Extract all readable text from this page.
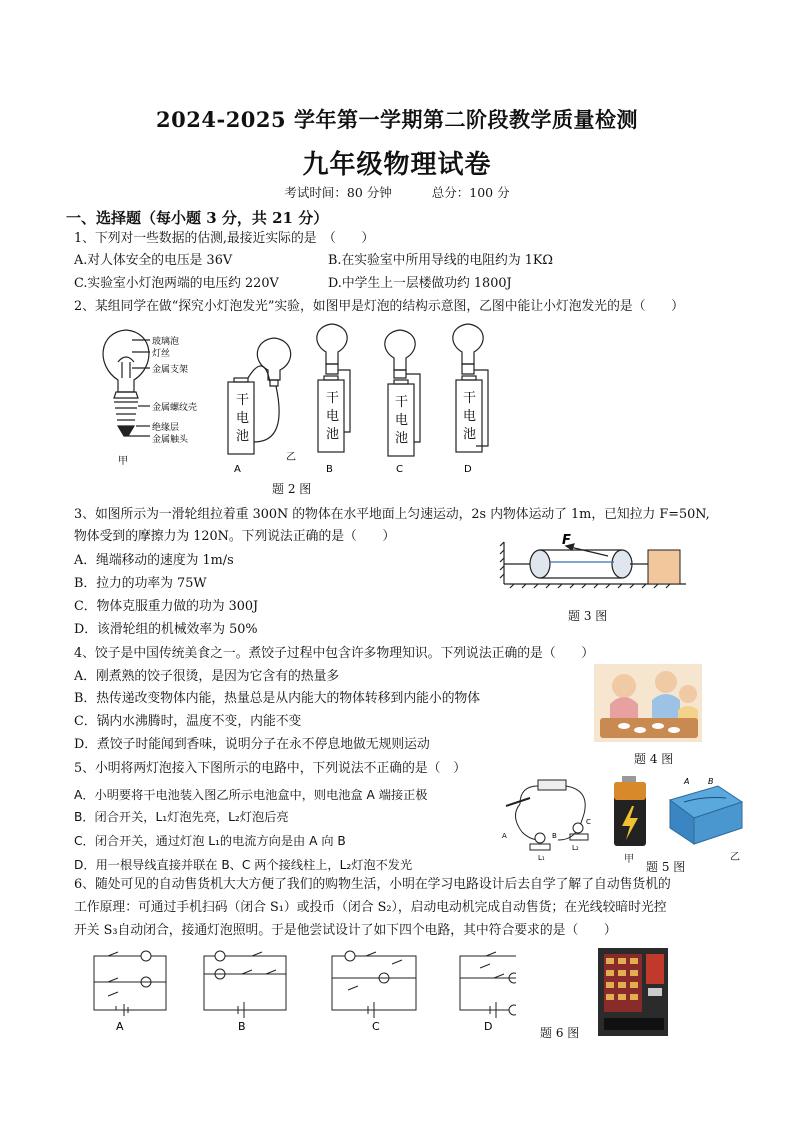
2024-2025 学年第一学期第二阶段教学质量检测
九年级物理试卷
考试时间：80 分钟	总分：100 分
一、选择题（每小题 3 分，共 21 分）
1、下列对一些数据的估测,最接近实际的是　（　　）
A.对人体安全的电压是 36V	B.在实验室中所用导线的电阻约为 1KΩ
C.实验室小灯泡两端的电压约 220V	D.中学生上一层楼做功约 1800J
2、某组同学在做“探究小灯泡发光”实验，如图甲是灯泡的结构示意图，乙图中能让小灯泡发光的是（　　）
玻璃泡
灯丝
金属支架
金属螺纹壳
绝缘层
金属触头
甲
干
电
池
A
乙
干
电
池
B
干
电
池
C
干
电
池
D
题 2 图
3、如图所示为一滑轮组拉着重 300N 的物体在水平地面上匀速运动，2s 内物体运动了 1m，已知拉力 F=50N,
物体受到的摩擦力为 120N。下列说法正确的是（　　）
A．绳端移动的速度为 1m/s
B．拉力的功率为 75W
C．物体克服重力做的功为 300J
D．该滑轮组的机械效率为 50%
F
题 3 图
4、饺子是中国传统美食之一。煮饺子过程中包含许多物理知识。下列说法正确的是（　　）
A．刚煮熟的饺子很烫，是因为它含有的热量多
B．热传递改变物体内能，热量总是从内能大的物体转移到内能小的物体
C．锅内水沸腾时，温度不变，内能不变
D．煮饺子时能闻到香味，说明分子在永不停息地做无规则运动
题 4 图
5、小明将两灯泡接入下图所示的电路中，下列说法不正确的是（　）
A．小明要将干电池装入图乙所示电池盒中，则电池盒 A 端接正极
B．闭合开关，L₁灯泡先亮，L₂灯泡后亮
C．闭合开关，通过灯泡 L₁的电流方向是由 A 向 B
D．用一根导线直接并联在 B、C 两个接线柱上，L₂灯泡不发光
A	B
C
L₁
L₂
甲
A B
乙
题 5 图
6、随处可见的自动售货机大大方便了我们的购物生活，小明在学习电路设计后去自学了解了自动售货机的
工作原理：可通过手机扫码（闭合 S₁）或投币（闭合 S₂），启动电动机完成自动售货；在光线较暗时光控
开关 S₃自动闭合，接通灯泡照明。于是他尝试设计了如下四个电路，其中符合要求的是（　　）
A	B	C	D	题 6 图
